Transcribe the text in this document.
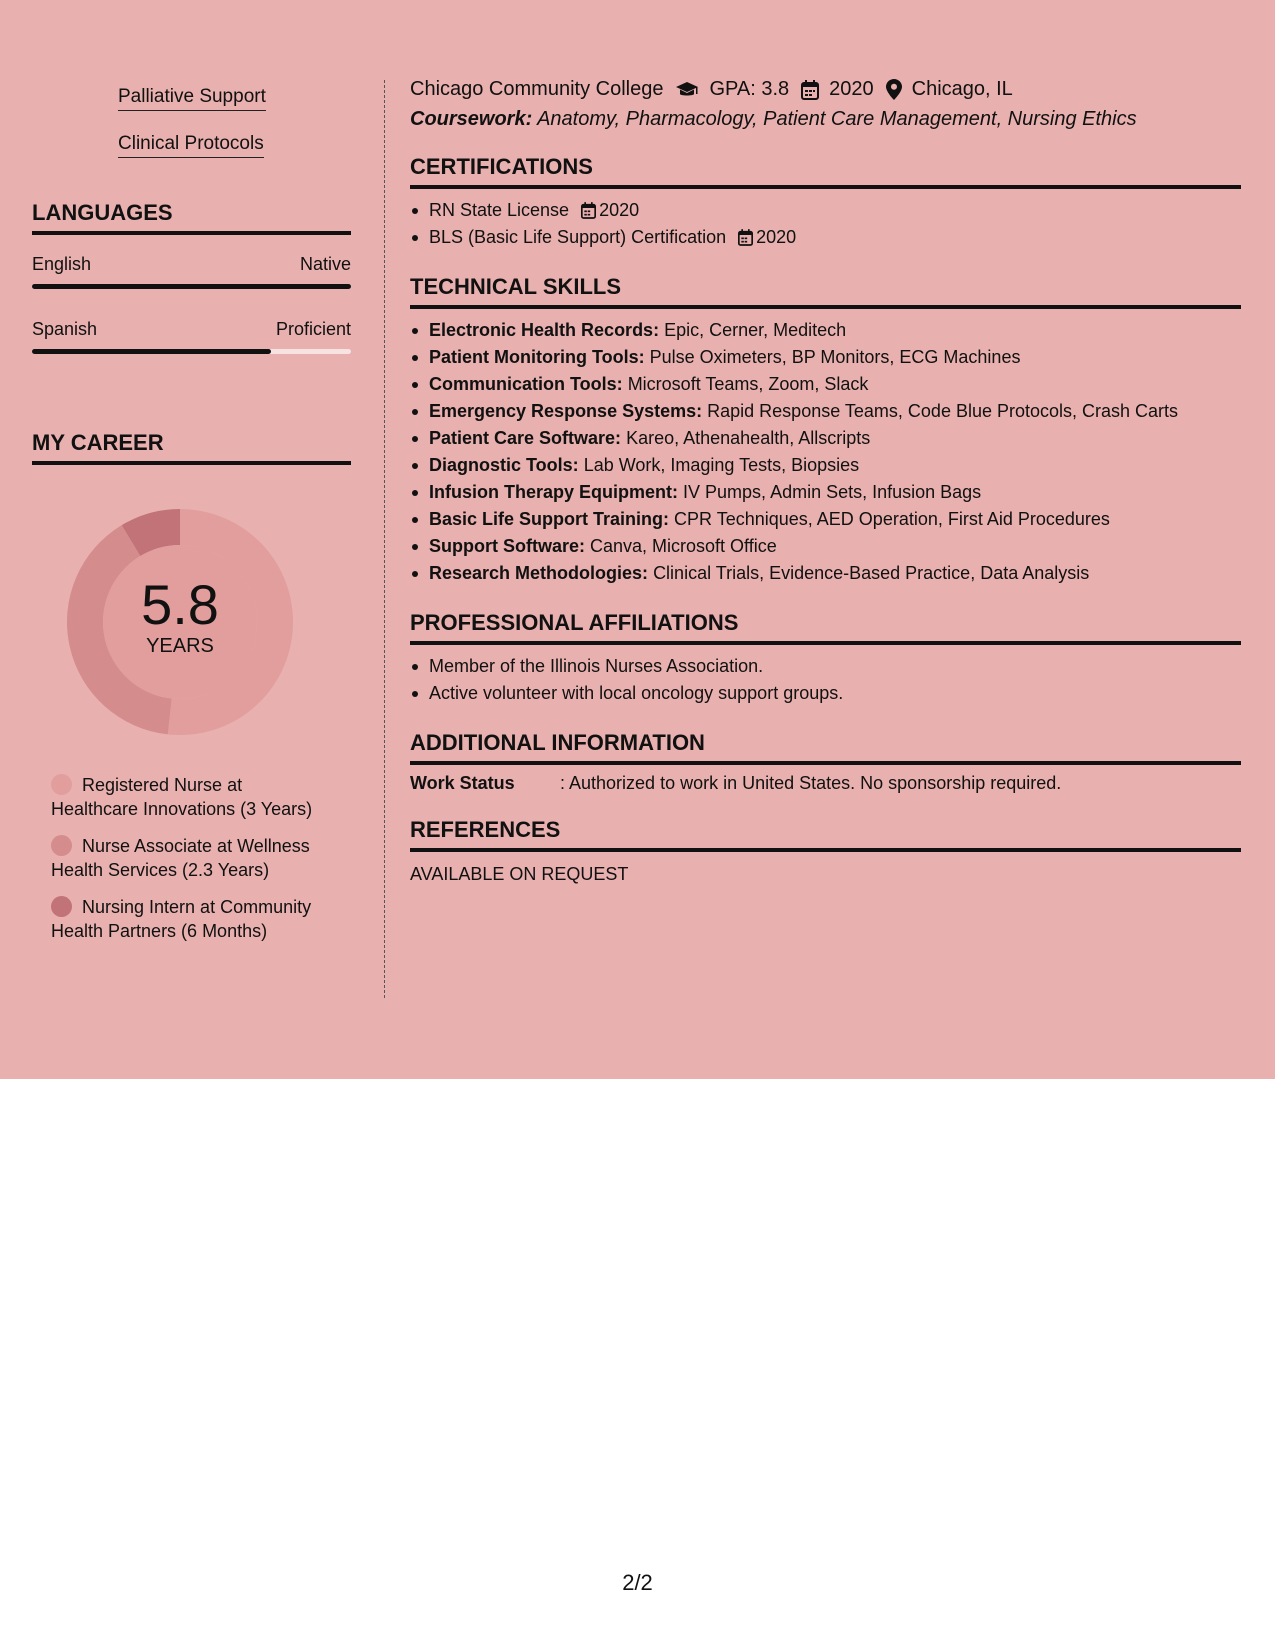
Palliative Support
Clinical Protocols
LANGUAGES
English	Native
Spanish	Proficient
MY CAREER
5.8
YEARS
Registered Nurse at Healthcare Innovations (3 Years)
Nurse Associate at Wellness Health Services (2.3 Years)
Nursing Intern at Community Health Partners (6 Months)
Chicago Community College GPA: 3.8 2020 Chicago, IL
Coursework: Anatomy, Pharmacology, Patient Care Management, Nursing Ethics
CERTIFICATIONS
RN State License 2020
BLS (Basic Life Support) Certification 2020
TECHNICAL SKILLS
Electronic Health Records: Epic, Cerner, Meditech
Patient Monitoring Tools: Pulse Oximeters, BP Monitors, ECG Machines
Communication Tools: Microsoft Teams, Zoom, Slack
Emergency Response Systems: Rapid Response Teams, Code Blue Protocols, Crash Carts
Patient Care Software: Kareo, Athenahealth, Allscripts
Diagnostic Tools: Lab Work, Imaging Tests, Biopsies
Infusion Therapy Equipment: IV Pumps, Admin Sets, Infusion Bags
Basic Life Support Training: CPR Techniques, AED Operation, First Aid Procedures
Support Software: Canva, Microsoft Office
Research Methodologies: Clinical Trials, Evidence-Based Practice, Data Analysis
PROFESSIONAL AFFILIATIONS
Member of the Illinois Nurses Association.
Active volunteer with local oncology support groups.
ADDITIONAL INFORMATION
Work Status	: Authorized to work in United States. No sponsorship required.
REFERENCES
AVAILABLE ON REQUEST
2/2
